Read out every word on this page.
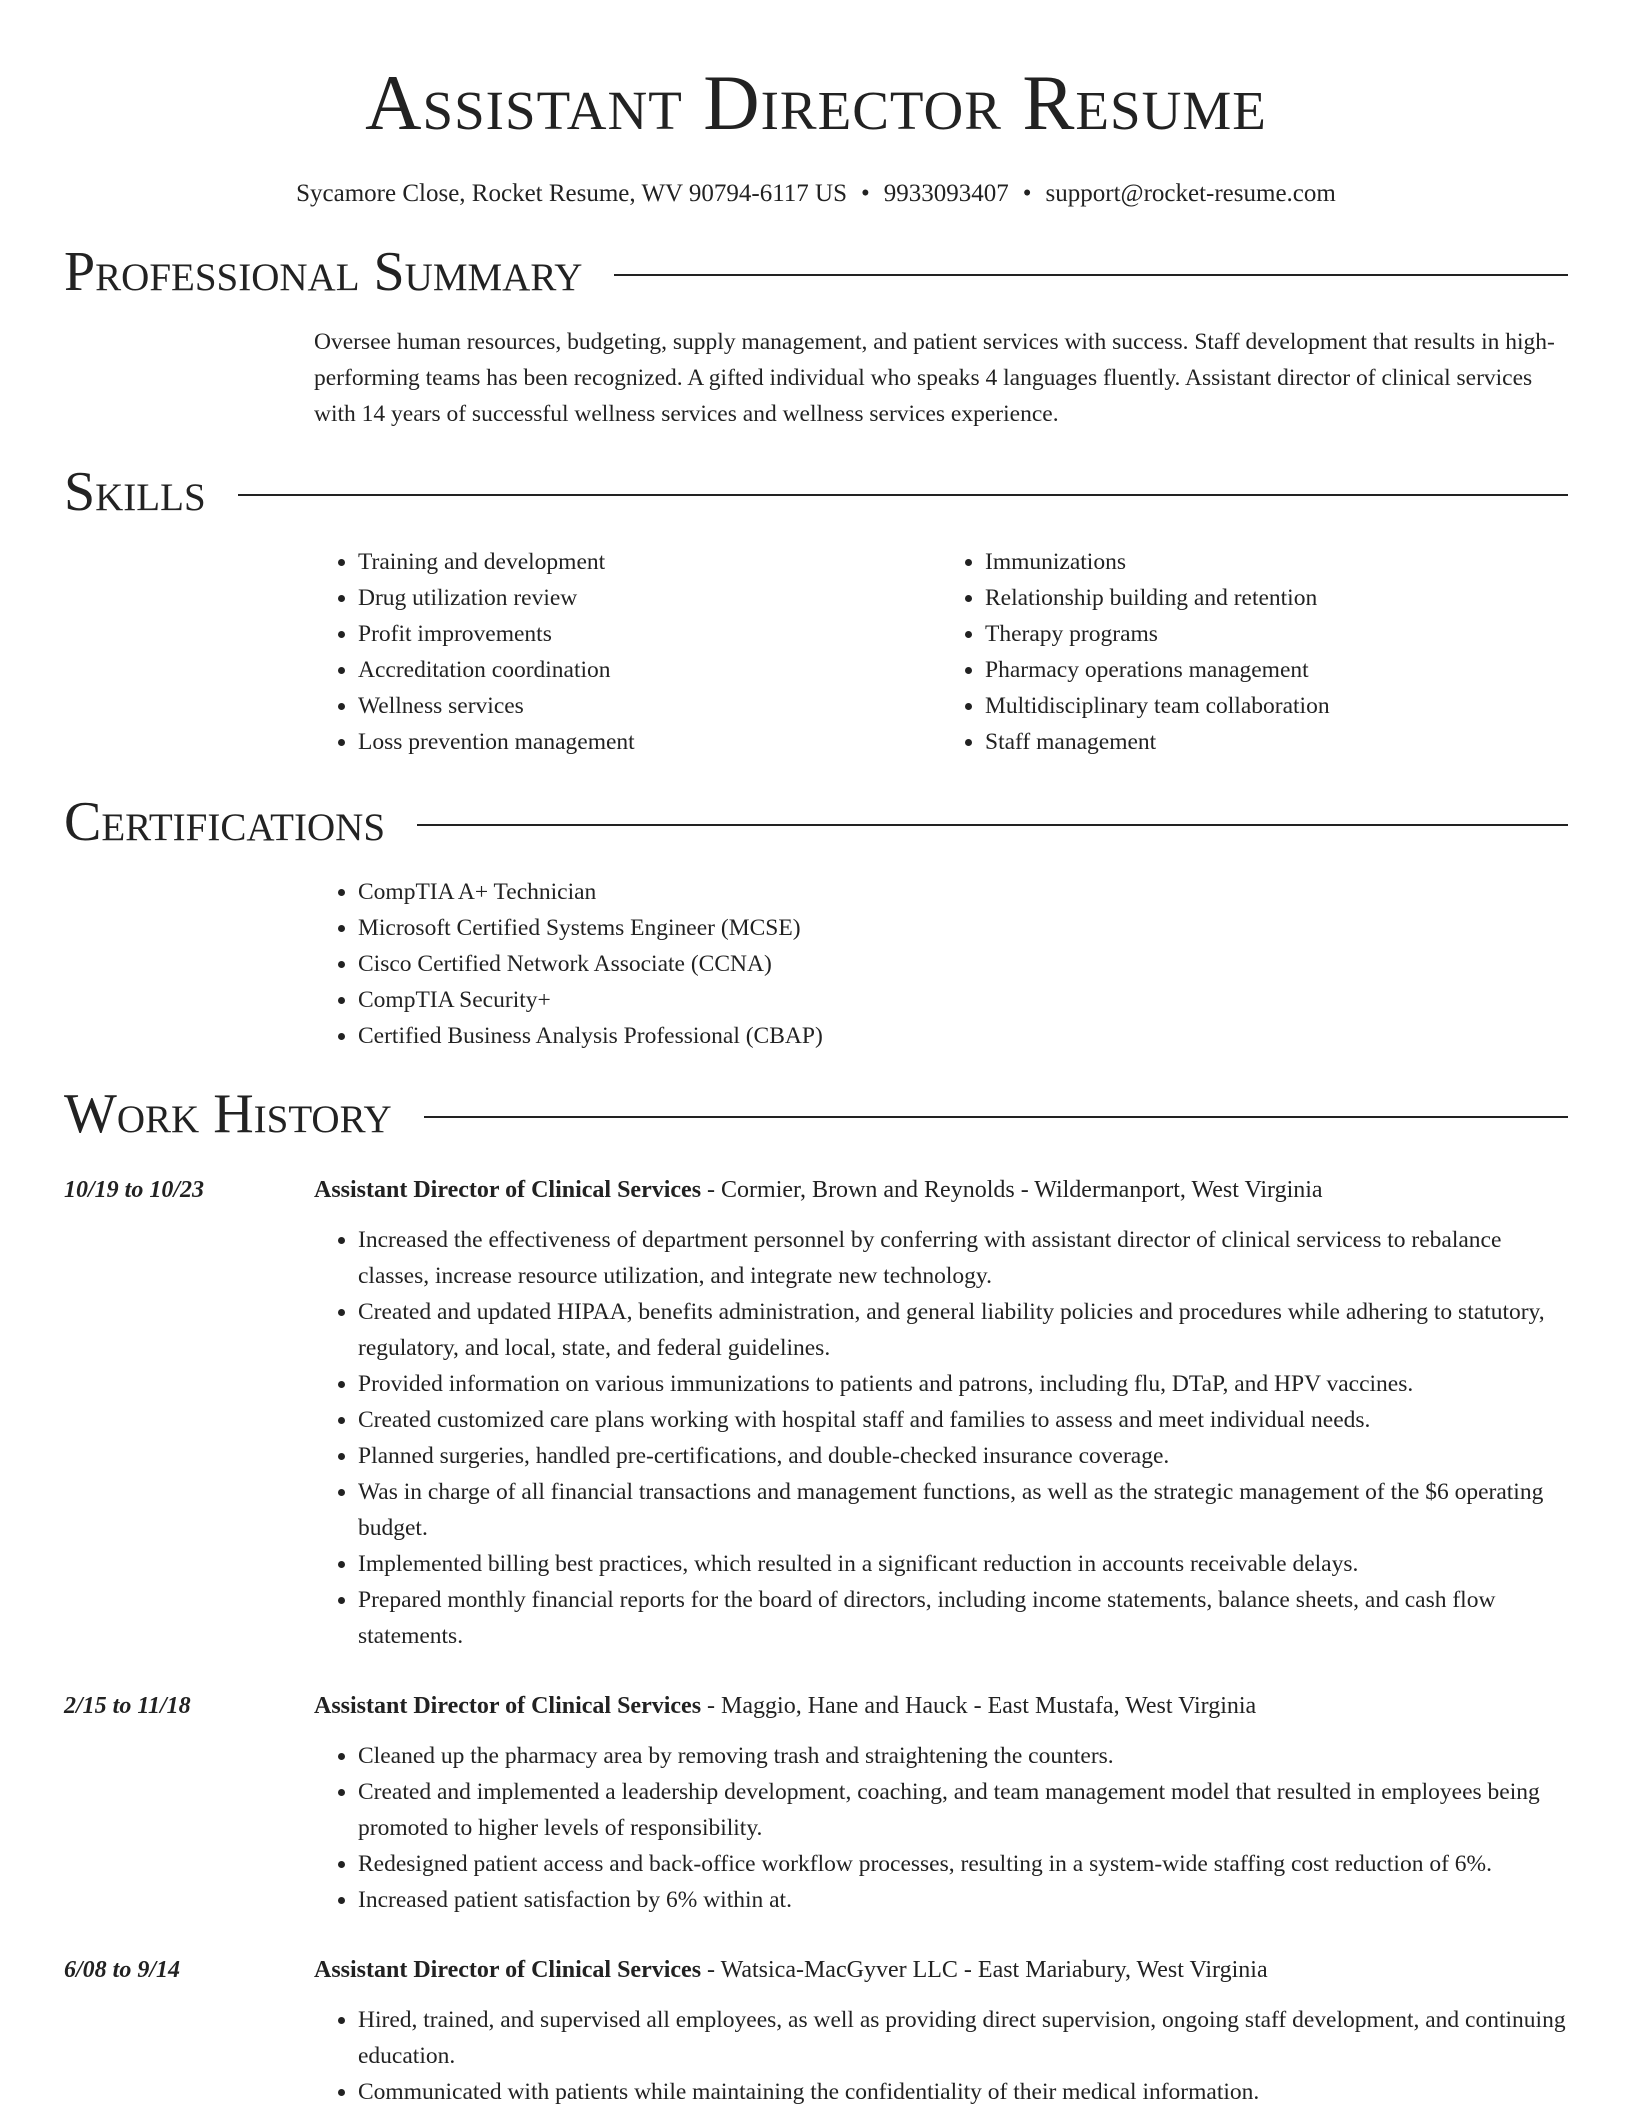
Assistant Director Resume
Sycamore Close, Rocket Resume, WV 90794-6117 US • 9933093407 • support@rocket-resume.com
Professional Summary
Oversee human resources, budgeting, supply management, and patient services with success. Staff development that results in high-performing teams has been recognized. A gifted individual who speaks 4 languages fluently. Assistant director of clinical services with 14 years of successful wellness services and wellness services experience.
Skills
• Training and development
• Drug utilization review
• Profit improvements
• Accreditation coordination
• Wellness services
• Loss prevention management
• Immunizations
• Relationship building and retention
• Therapy programs
• Pharmacy operations management
• Multidisciplinary team collaboration
• Staff management
Certifications
• CompTIA A+ Technician
• Microsoft Certified Systems Engineer (MCSE)
• Cisco Certified Network Associate (CCNA)
• CompTIA Security+
• Certified Business Analysis Professional (CBAP)
Work History
10/19 to 10/23	Assistant Director of Clinical Services - Cormier, Brown and Reynolds - Wildermanport, West Virginia
• Increased the effectiveness of department personnel by conferring with assistant director of clinical servicess to rebalance classes, increase resource utilization, and integrate new technology.
• Created and updated HIPAA, benefits administration, and general liability policies and procedures while adhering to statutory, regulatory, and local, state, and federal guidelines.
• Provided information on various immunizations to patients and patrons, including flu, DTaP, and HPV vaccines.
• Created customized care plans working with hospital staff and families to assess and meet individual needs.
• Planned surgeries, handled pre-certifications, and double-checked insurance coverage.
• Was in charge of all financial transactions and management functions, as well as the strategic management of the $6 operating budget.
• Implemented billing best practices, which resulted in a significant reduction in accounts receivable delays.
• Prepared monthly financial reports for the board of directors, including income statements, balance sheets, and cash flow statements.
2/15 to 11/18	Assistant Director of Clinical Services - Maggio, Hane and Hauck - East Mustafa, West Virginia
• Cleaned up the pharmacy area by removing trash and straightening the counters.
• Created and implemented a leadership development, coaching, and team management model that resulted in employees being promoted to higher levels of responsibility.
• Redesigned patient access and back-office workflow processes, resulting in a system-wide staffing cost reduction of 6%.
• Increased patient satisfaction by 6% within at.
6/08 to 9/14	Assistant Director of Clinical Services - Watsica-MacGyver LLC - East Mariabury, West Virginia
• Hired, trained, and supervised all employees, as well as providing direct supervision, ongoing staff development, and continuing education.
• Communicated with patients while maintaining the confidentiality of their medical information.
